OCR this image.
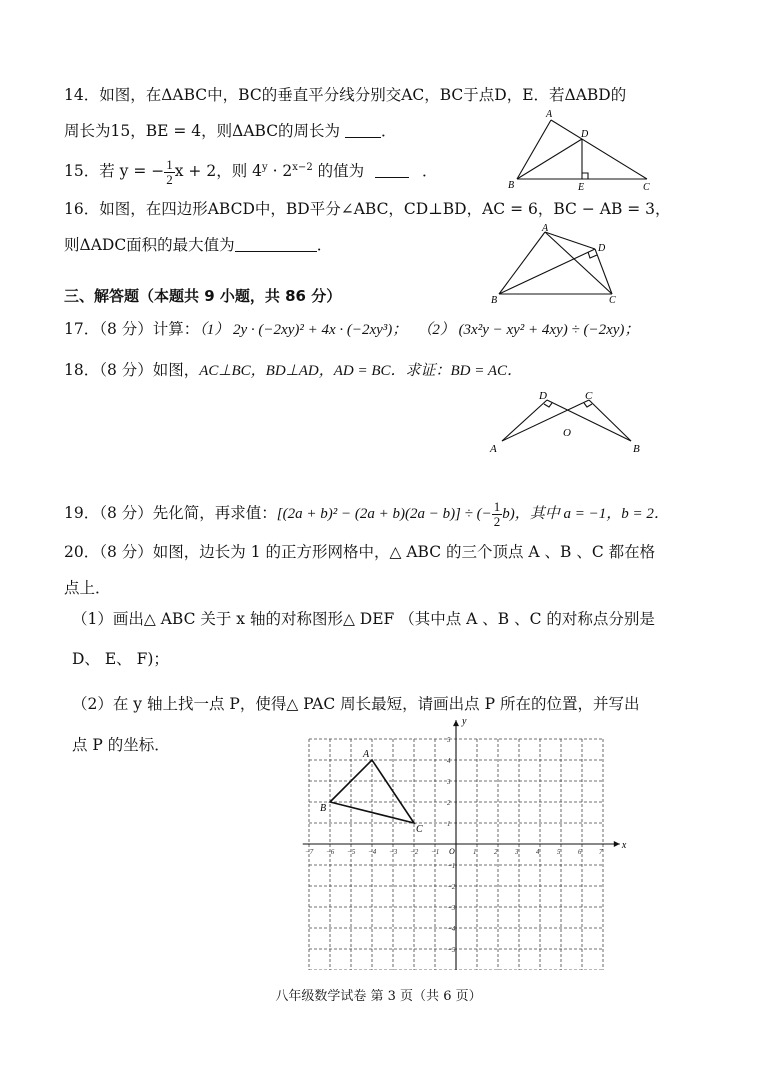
14．如图，在ΔABC中，BC的垂直平分线分别交AC，BC于点D，E．若ΔABD的
周长为15，BE = 4，则ΔABC的周长为	．
15．若 y = − $\frac{1}{2}$ x + 2，则 $4^y \cdot 2^{x-2}$ 的值为	．
16．如图，在四边形ABCD中，BD平分∠ABC，CD⊥BD，AC = 6，BC − AB = 3，
则ΔADC面积的最大值为	．
三、解答题（本题共 9 小题，共 86 分）
17．（8 分）计算：（1） 2y · (−2xy)² + 4x · (−2xy³)； （2） (3x²y − xy² + 4xy) ÷ (−2xy)；
18．（8 分）如图，AC⊥BC，BD⊥AD，AD = BC．求证：BD = AC．
19．（8 分）先化简，再求值：[(2a + b)² − (2a + b)(2a − b)] ÷ (− $\frac{1}{2} b$)，其中 a = −1，b = 2．
20．（8 分）如图，边长为 1 的正方形网格中，△ ABC 的三个顶点 A 、B 、C 都在格
点上．
（1）画出△ ABC 关于 x 轴的对称图形△ DEF （其中点 A 、B 、C 的对称点分别是
D、 E、 F)；
（2）在 y 轴上找一点 P，使得△ PAC 周长最短，请画出点 P 所在的位置，并写出
点 P 的坐标．
A
B	C
D
E
A
B	C
D
D	C
O
A	B
x
y
O
−7 −6 −5 −4 −3 −2 −1	1	2	3	4	5	6	7
5
4
3
2
1
−1
−2
−3
−4
−5
A
B
C
八年级数学试卷 第 3 页（共 6 页）
